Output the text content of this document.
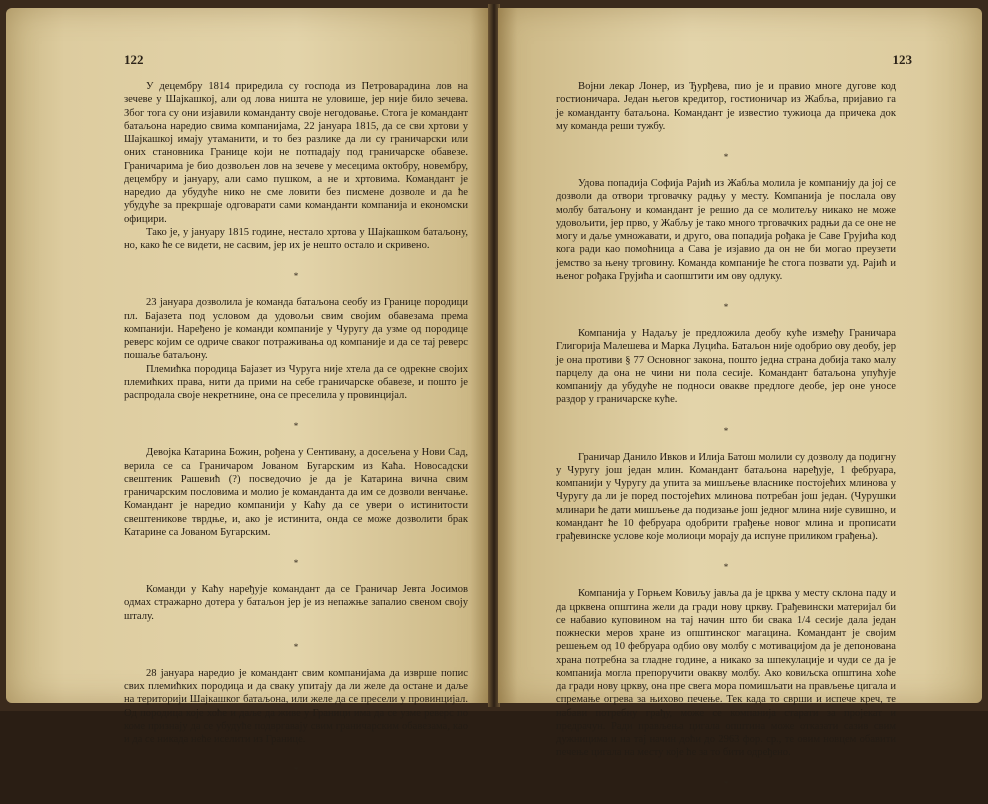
122

У децембру 1814 приредила су господа из Петроварадина лов на зечеве у Шајкашкој, али од лова ништа не уловише, јер није било зечева. Због тога су они изјавили команданту своје негодовање. Стога је командант батаљона наредио свима компанијама, 22 јануара 1815, да се сви хртови у Шајкашкој имају утаманити, и то без разлике да ли су граничарски или оних становника Границе који не потпадају под граничарске обавезе. Граничарима је био дозвољен лов на зечеве у месецима октобру, новембру, децембру и јануару, али само пушком, а не и хртовима. Командант је наредио да убудуће нико не сме ловити без писмене дозволе и да ће убудуће за прекршаје одговарати сами команданти компанија и економски официри.

Тако је, у јануару 1815 године, нестало хртова у Шајкашком батаљону, но, како ће се видети, не сасвим, јер их је нешто остало и скривено.

*

23 јануара дозволила је команда батаљона сеобу из Границе породици пл. Бајазета под условом да удовољи свим својим обавезама према компанији. Наређено је команди компаније у Чуругу да узме од породице реверс којим се одриче сваког потраживања од компаније и да се тај реверс пошаље батаљону.

Племићка породица Бајазет из Чуруга није хтела да се одрекне својих племићких права, нити да прими на себе граничарске обавезе, и пошто је распродала своје некретнине, она се преселила у провинцијал.

*

Девојка Катарина Божин, рођена у Сентивану, а досељена у Нови Сад, верила се са Граничаром Јованом Бугарским из Каћа. Новосадски свештеник Рашевић (?) посведочио је да је Катарина вична свим граничарским пословима и молио је команданта да им се дозволи венчање. Командант је наредио компанији у Каћу да се увери о истинитости свештениковe тврдње, и, ако је истинита, онда се може дозволити брак Катарине са Јованом Бугарским.

*

Команди у Каћу наређује командант да се Граничар Јевта Јосимов одмах стражарно дотера у батаљон јер је из непажње запалио свеном своју шталу.

*

28 јануара наредио је командант свим компанијама да изврше попис свих племићких породица и да сваку упитају да ли желе да остане и даље на територији Шајкашког батаљона, или желе да се пресели у провинцијал. Од породица које хоће и даље да живе у Граници има да се узме реверс по коме признају да се убудуће подвргавају свим граничарским обавезама, као и да се никада неће иселити из Границе.

*
123

Војни лекар Лонер, из Ђурђева, пио је и правио многе дугове код гостионичара. Један његов кредитор, гостионичар из Жабља, пријавио га је команданту батаљона. Командант је известио тужиоца да причека док му команда реши тужбу.

*

Удова попадија Софија Рајић из Жабља молила је компанију да јој се дозволи да отвори трговачку радњу у месту. Компанија је послала ову молбу батаљону и командант је решио да се молитељу никако не може удовољити, јер прво, у Жабљу је тако много трговачких радњи да се оне не могу и даље умножавати, и друго, ова попадија рођака је Саве Грујића код кога ради као помоћница а Сава је изјавио да он не би могао преузети јемство за њену трговину. Команда компаније ће стога позвати уд. Рајић и њеног рођака Грујића и саопштити им ову одлуку.

*

Компанија у Надаљу је предложила деобу куће између Граничара Глигорија Малешева и Марка Луцића. Батаљон није одобрио ову деобу, јер је она противи § 77 Основног закона, пошто једна страна добија тако малу парцелу да она не чини ни пола сесије. Командант батаљона упућује компанију да убудуће не подноси овакве предлоге деобе, јер оне уносе раздор у граничарске куће.

*

Граничар Данило Ивков и Илија Батош молили су дозволу да подигну у Чуругу још један млин. Командант батаљона наређује, 1 фебруара, компанији у Чуругу да упита за мишљење власнике постојећих млинова у Чуругу да ли је поред постојећих млинова потребан још један. (Чурушки млинари ће дати мишљење да подизање још једног млина није сувишно, и командант ће 10 фебруара одобрити грађење новог млина и прописати грађевинске услове које молиоци морају да испуне приликом грађења).

*

Компанија у Горњем Ковиљу јавља да је црква у месту склона паду и да црквена општина жели да гради нову цркву. Грађевински материјал би се набавио куповином на тај начин што би свака 1/4 сесије дала један пожнески меров хране из општинског магацина. Командант је својим решењем од 10 фебруара одбио ову молбу с мотивацијом да је депонована храна потребна за гладне године, а никако за шпекулације и чуди се да је компанија могла препоручити овакву молбу. Ако ковиљска општина хоће да гради нову цркву, она пре свега мора помишљати на прављење цигала и спремање огрева за њихово печење. Тек када то сврши и испече креч, те набави потребну грађу, може се компанија старати за пројекат и предрачун. Ради прављења цигала општина може отказати сазив свим дужницима и на тај начин доћи до 2963 фор. ср., те овим новцем обавити печење цигала на месту које ће за то бити одређено.

*
